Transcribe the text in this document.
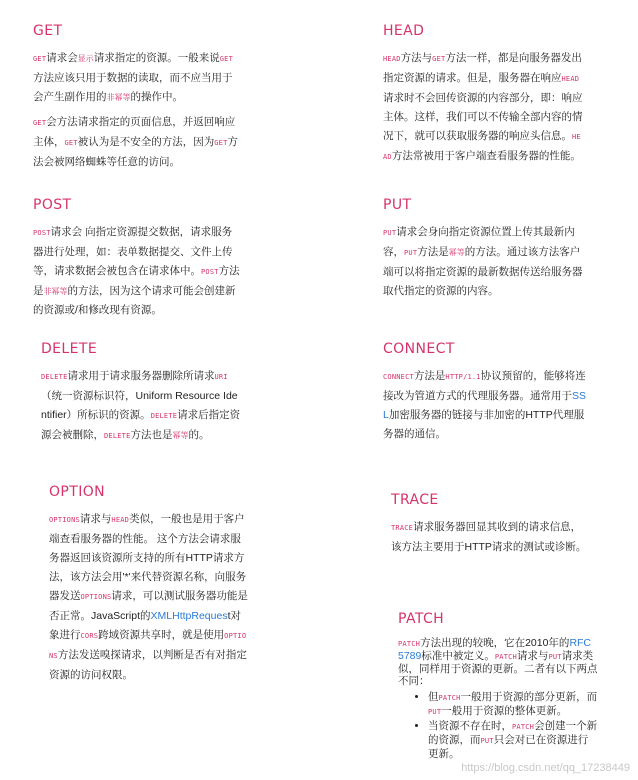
GET

GET请求会显示请求指定的资源。一般来说GET方法应该只用于数据的读取，而不应当用于会产生副作用的非幂等的操作中。

GET会方法请求指定的页面信息，并返回响应主体，GET被认为是不安全的方法，因为GET方法会被网络蜘蛛等任意的访问。

HEAD

HEAD方法与GET方法一样，都是向服务器发出指定资源的请求。但是，服务器在响应HEAD请求时不会回传资源的内容部分，即：响应主体。这样，我们可以不传输全部内容的情况下，就可以获取服务器的响应头信息。HEAD方法常被用于客户端查看服务器的性能。

POST

POST请求会 向指定资源提交数据，请求服务器进行处理，如：表单数据提交、文件上传等，请求数据会被包含在请求体中。POST方法是非幂等的方法，因为这个请求可能会创建新的资源或/和修改现有资源。

PUT

PUT请求会身向指定资源位置上传其最新内容，PUT方法是幂等的方法。通过该方法客户端可以将指定资源的最新数据传送给服务器取代指定的资源的内容。

DELETE

DELETE请求用于请求服务器删除所请求URI（统一资源标识符，Uniform Resource Identifier）所标识的资源。DELETE请求后指定资源会被删除，DELETE方法也是幂等的。

CONNECT

CONNECT方法是HTTP/1.1协议预留的，能够将连接改为管道方式的代理服务器。通常用于SSL加密服务器的链接与非加密的HTTP代理服务器的通信。

OPTION

OPTIONS请求与HEAD类似，一般也是用于客户端查看服务器的性能。 这个方法会请求服务器返回该资源所支持的所有HTTP请求方法，该方法会用'*'来代替资源名称，向服务器发送OPTIONS请求，可以测试服务器功能是否正常。JavaScript的XMLHttpRequest对象进行CORS跨域资源共享时，就是使用OPTIONS方法发送嗅探请求，以判断是否有对指定资源的访问权限。

TRACE

TRACE请求服务器回显其收到的请求信息，该方法主要用于HTTP请求的测试或诊断。

PATCH

PATCH方法出现的较晚，它在2010年的RFC 5789标准中被定义。PATCH请求与PUT请求类似，同样用于资源的更新。二者有以下两点不同：

• 但PATCH一般用于资源的部分更新，而PUT一般用于资源的整体更新。
• 当资源不存在时，PATCH会创建一个新的资源，而PUT只会对已在资源进行更新。
https://blog.csdn.net/qq_17238449
